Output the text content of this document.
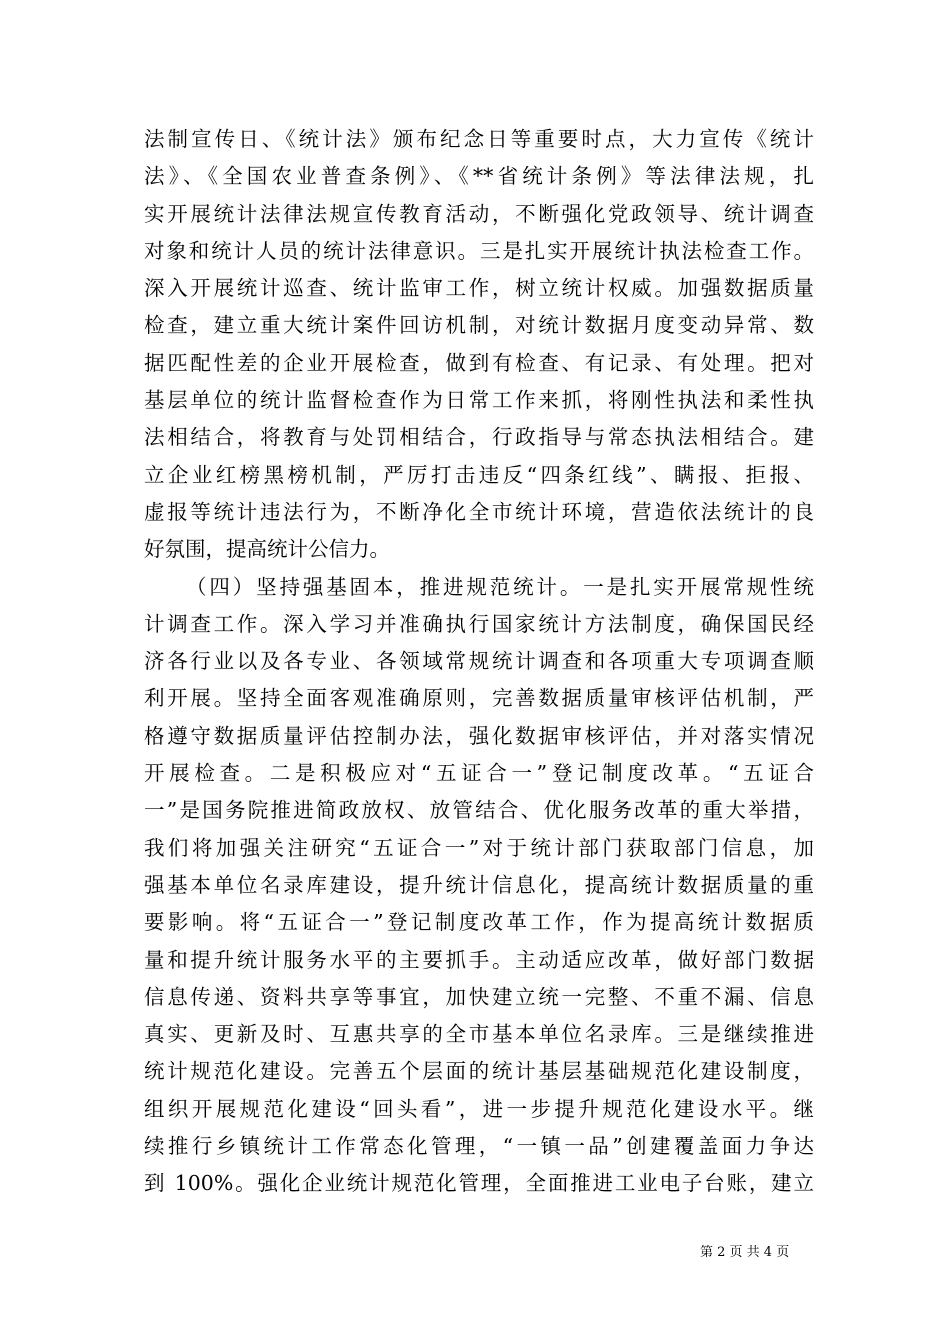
法制宣传日、《统计法》颁布纪念日等重要时点，大力宣传《统计
法》、《全国农业普查条例》、《**省统计条例》等法律法规，扎
实开展统计法律法规宣传教育活动，不断强化党政领导、统计调查
对象和统计人员的统计法律意识。三是扎实开展统计执法检查工作。
深入开展统计巡查、统计监审工作，树立统计权威。加强数据质量
检查，建立重大统计案件回访机制，对统计数据月度变动异常、数
据匹配性差的企业开展检查，做到有检查、有记录、有处理。把对
基层单位的统计监督检查作为日常工作来抓，将刚性执法和柔性执
法相结合，将教育与处罚相结合，行政指导与常态执法相结合。建
立企业红榜黑榜机制，严厉打击违反“四条红线”、瞒报、拒报、
虚报等统计违法行为，不断净化全市统计环境，营造依法统计的良
好氛围，提高统计公信力。
（四）坚持强基固本，推进规范统计。一是扎实开展常规性统
计调查工作。深入学习并准确执行国家统计方法制度，确保国民经
济各行业以及各专业、各领域常规统计调查和各项重大专项调查顺
利开展。坚持全面客观准确原则，完善数据质量审核评估机制，严
格遵守数据质量评估控制办法，强化数据审核评估，并对落实情况
开展检查。二是积极应对“五证合一”登记制度改革。“五证合
一”是国务院推进简政放权、放管结合、优化服务改革的重大举措，
我们将加强关注研究“五证合一”对于统计部门获取部门信息，加
强基本单位名录库建设，提升统计信息化，提高统计数据质量的重
要影响。将“五证合一”登记制度改革工作，作为提高统计数据质
量和提升统计服务水平的主要抓手。主动适应改革，做好部门数据
信息传递、资料共享等事宜，加快建立统一完整、不重不漏、信息
真实、更新及时、互惠共享的全市基本单位名录库。三是继续推进
统计规范化建设。完善五个层面的统计基层基础规范化建设制度，
组织开展规范化建设“回头看”，进一步提升规范化建设水平。继
续推行乡镇统计工作常态化管理，“一镇一品”创建覆盖面力争达
到 100%。强化企业统计规范化管理，全面推进工业电子台账，建立
第 2 页 共 4 页
